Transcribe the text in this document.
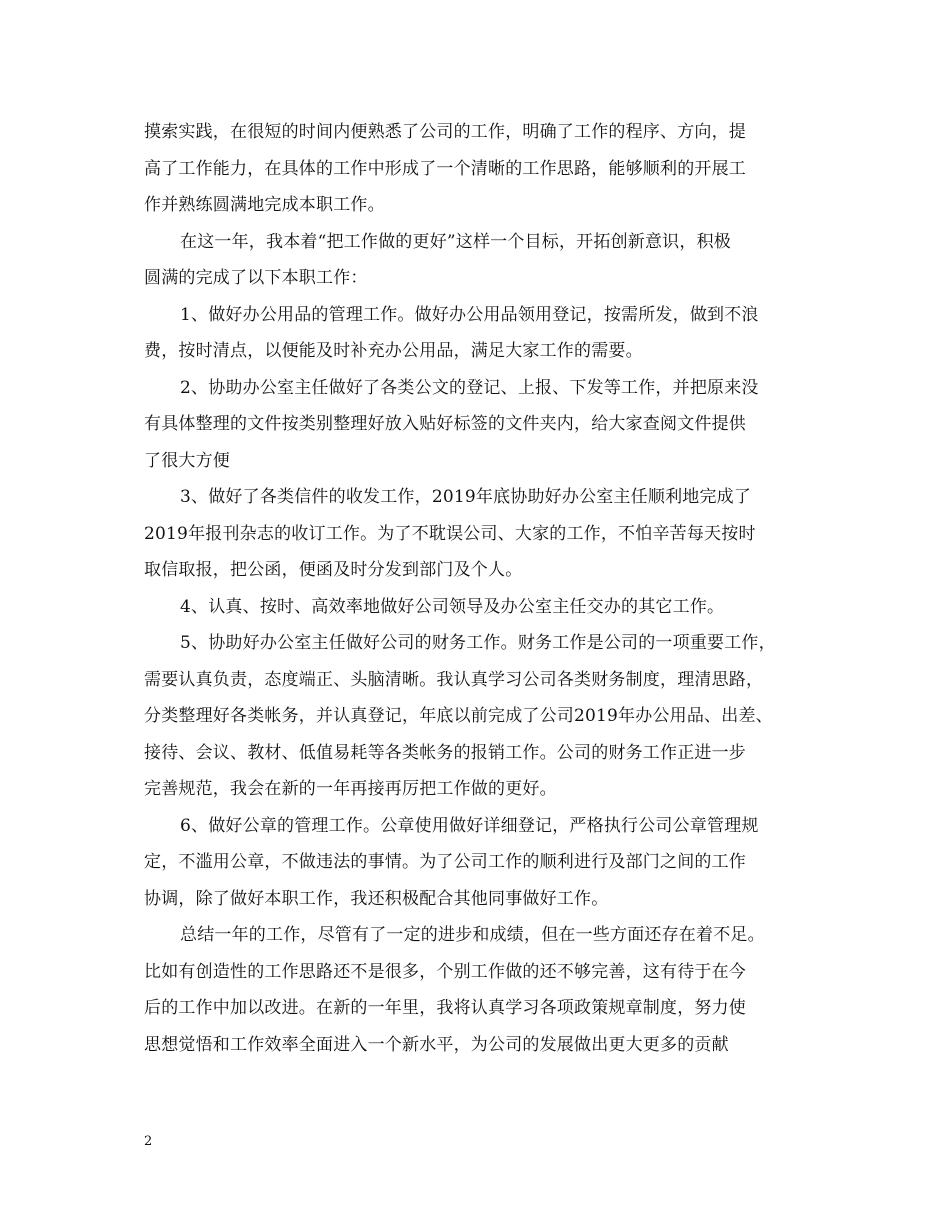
摸索实践，在很短的时间内便熟悉了公司的工作，明确了工作的程序、方向，提
高了工作能力，在具体的工作中形成了一个清晰的工作思路，能够顺利的开展工
作并熟练圆满地完成本职工作。
在这一年，我本着“把工作做的更好”这样一个目标，开拓创新意识，积极
圆满的完成了以下本职工作：
1、做好办公用品的管理工作。做好办公用品领用登记，按需所发，做到不浪
费，按时清点，以便能及时补充办公用品，满足大家工作的需要。
2、协助办公室主任做好了各类公文的登记、上报、下发等工作，并把原来没
有具体整理的文件按类别整理好放入贴好标签的文件夹内，给大家查阅文件提供
了很大方便
3、做好了各类信件的收发工作，2019年底协助好办公室主任顺利地完成了
2019年报刊杂志的收订工作。为了不耽误公司、大家的工作，不怕辛苦每天按时
取信取报，把公函，便函及时分发到部门及个人。
4、认真、按时、高效率地做好公司领导及办公室主任交办的其它工作。
5、协助好办公室主任做好公司的财务工作。财务工作是公司的一项重要工作，
需要认真负责，态度端正、头脑清晰。我认真学习公司各类财务制度，理清思路，
分类整理好各类帐务，并认真登记，年底以前完成了公司2019年办公用品、出差、
接待、会议、教材、低值易耗等各类帐务的报销工作。公司的财务工作正进一步
完善规范，我会在新的一年再接再厉把工作做的更好。
6、做好公章的管理工作。公章使用做好详细登记，严格执行公司公章管理规
定，不滥用公章，不做违法的事情。为了公司工作的顺利进行及部门之间的工作
协调，除了做好本职工作，我还积极配合其他同事做好工作。
总结一年的工作，尽管有了一定的进步和成绩，但在一些方面还存在着不足。
比如有创造性的工作思路还不是很多，个别工作做的还不够完善，这有待于在今
后的工作中加以改进。在新的一年里，我将认真学习各项政策规章制度，努力使
思想觉悟和工作效率全面进入一个新水平，为公司的发展做出更大更多的贡献
2
